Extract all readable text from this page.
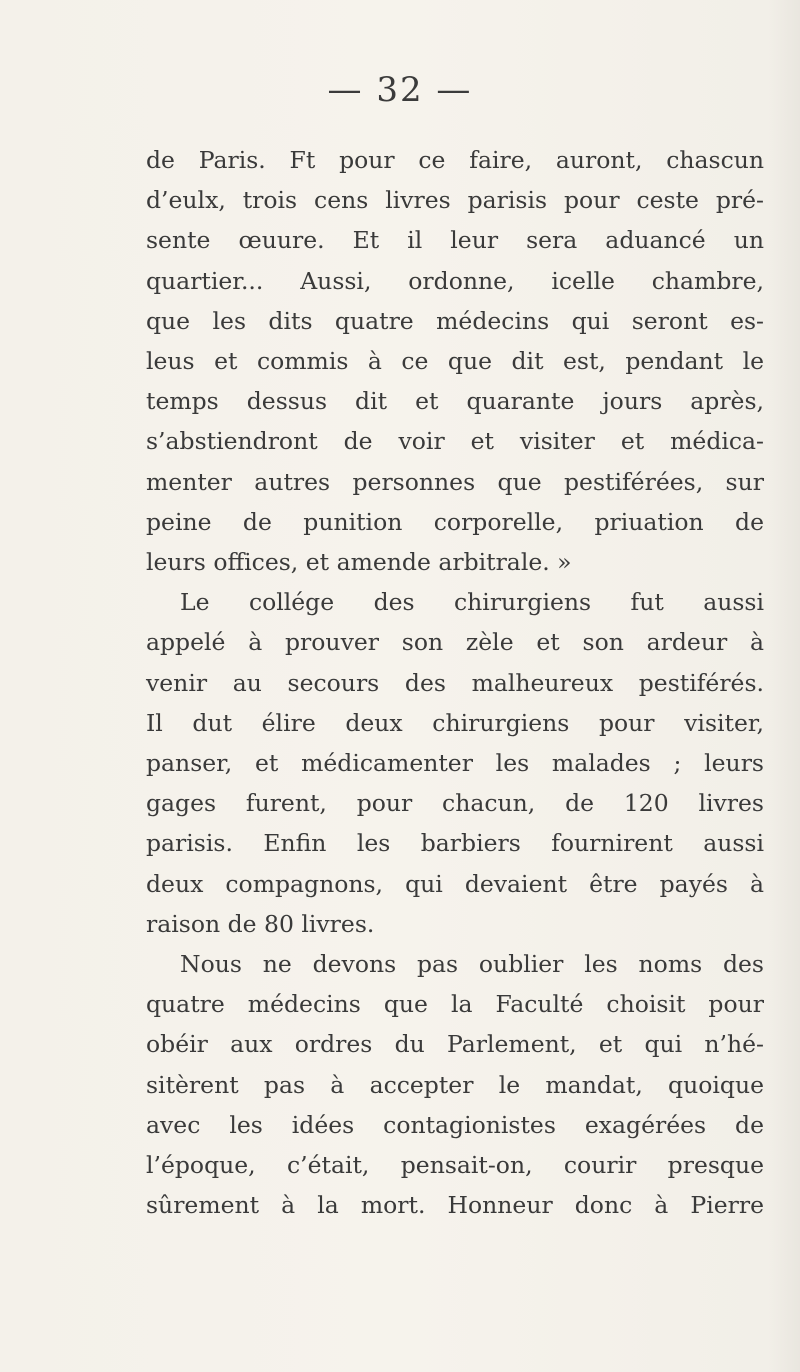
— 32 —
de Paris. Ft pour ce faire, auront, chascun
d’eulx, trois cens livres parisis pour ceste pré-
sente œuure. Et il leur sera aduancé un
quartier... Aussi, ordonne, icelle chambre,
que les dits quatre médecins qui seront es-
leus et commis à ce que dit est, pendant le
temps dessus dit et quarante jours après,
s’abstiendront de voir et visiter et médica-
menter autres personnes que pestiférées, sur
peine de punition corporelle, priuation de
leurs offices, et amende arbitrale. »
Le collége des chirurgiens fut aussi
appelé à prouver son zèle et son ardeur à
venir au secours des malheureux pestiférés.
Il dut élire deux chirurgiens pour visiter,
panser, et médicamenter les malades ; leurs
gages furent, pour chacun, de 120 livres
parisis. Enfin les barbiers fournirent aussi
deux compagnons, qui devaient être payés à
raison de 80 livres.
Nous ne devons pas oublier les noms des
quatre médecins que la Faculté choisit pour
obéir aux ordres du Parlement, et qui n’hé-
sitèrent pas à accepter le mandat, quoique
avec les idées contagionistes exagérées de
l’époque, c’était, pensait-on, courir presque
sûrement à la mort. Honneur donc à Pierre
